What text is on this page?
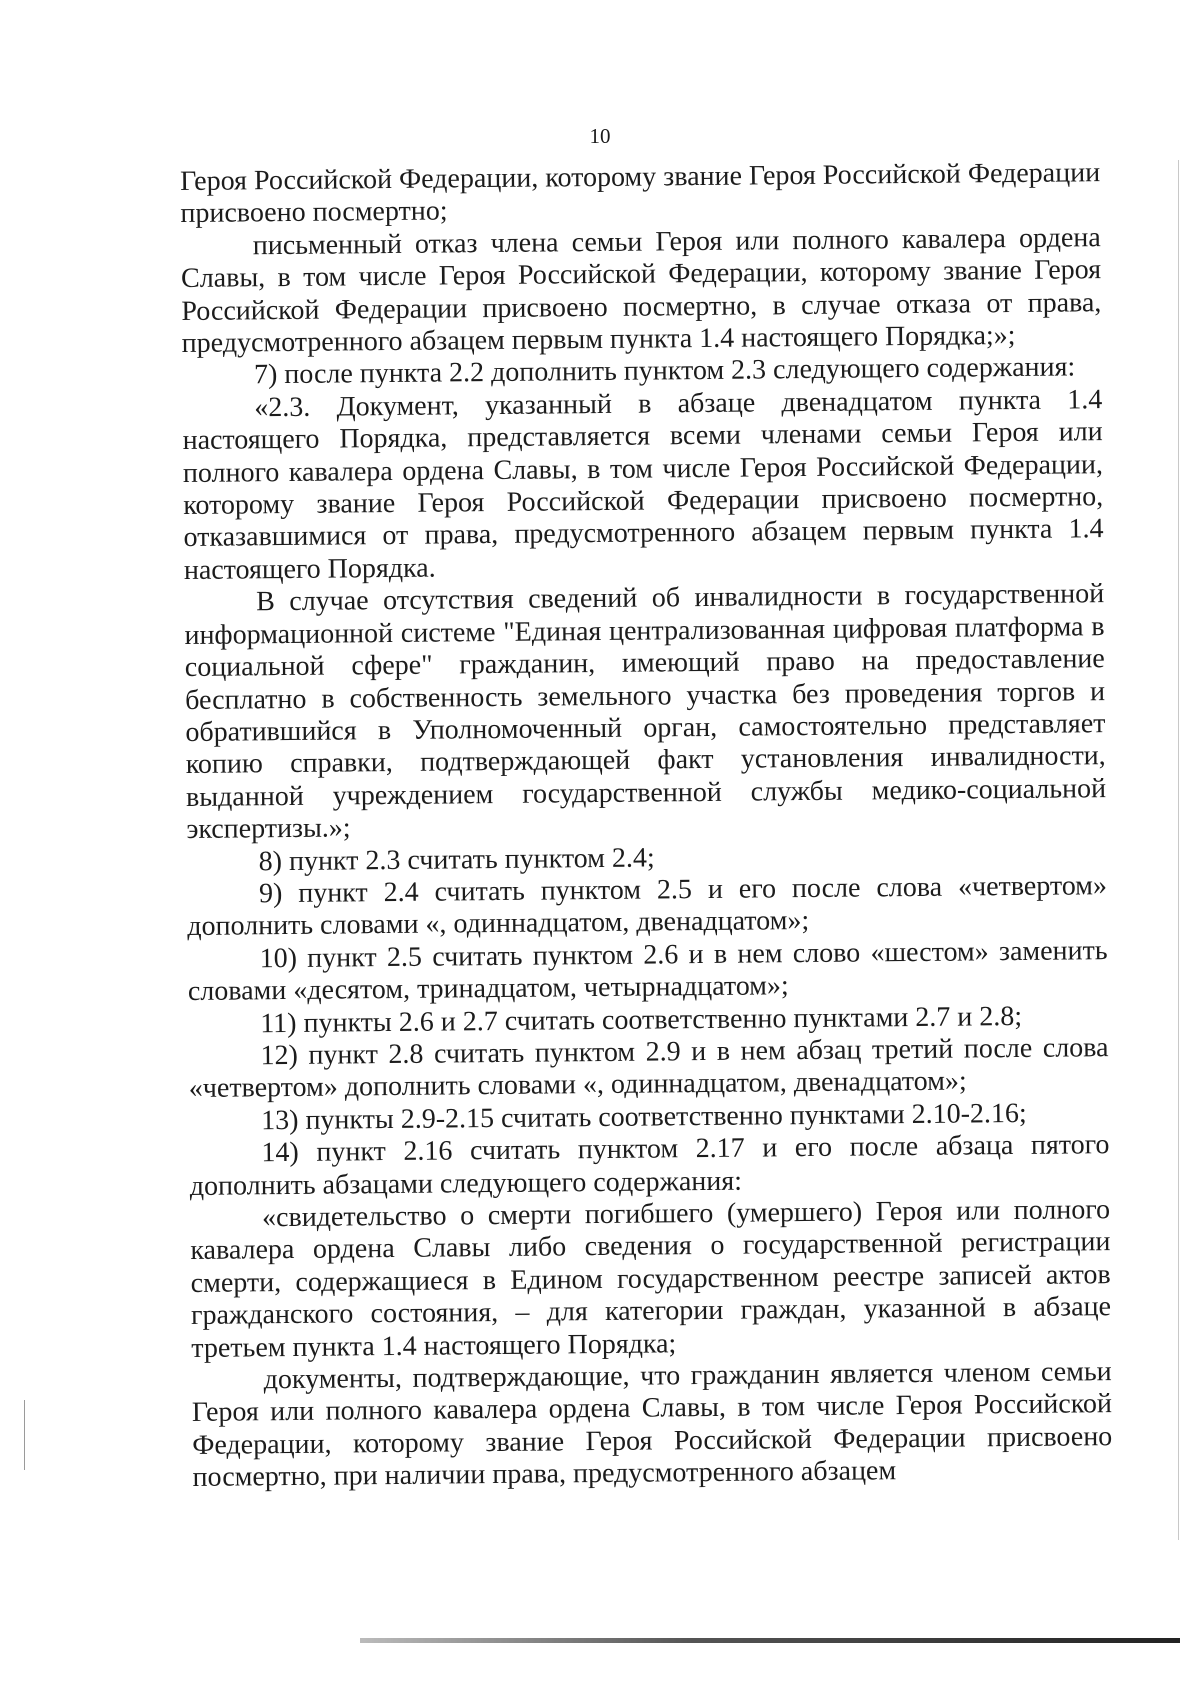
10

Героя Российской Федерации, которому звание Героя Российской Федерации присвоено посмертно;

письменный отказ члена семьи Героя или полного кавалера ордена Славы, в том числе Героя Российской Федерации, которому звание Героя Российской Федерации присвоено посмертно, в случае отказа от права, предусмотренного абзацем первым пункта 1.4 настоящего Порядка;»;

7) после пункта 2.2 дополнить пунктом 2.3 следующего содержания:

«2.3. Документ, указанный в абзаце двенадцатом пункта 1.4 настоящего Порядка, представляется всеми членами семьи Героя или полного кавалера ордена Славы, в том числе Героя Российской Федерации, которому звание Героя Российской Федерации присвоено посмертно, отказавшимися от права, предусмотренного абзацем первым пункта 1.4 настоящего Порядка.

В случае отсутствия сведений об инвалидности в государственной информационной системе "Единая централизованная цифровая платформа в социальной сфере" гражданин, имеющий право на предоставление бесплатно в собственность земельного участка без проведения торгов и обратившийся в Уполномоченный орган, самостоятельно представляет копию справки, подтверждающей факт установления инвалидности, выданной учреждением государственной службы медико-социальной экспертизы.»;

8) пункт 2.3 считать пунктом 2.4;

9) пункт 2.4 считать пунктом 2.5 и его после слова «четвертом» дополнить словами «, одиннадцатом, двенадцатом»;

10) пункт 2.5 считать пунктом 2.6 и в нем слово «шестом» заменить словами «десятом, тринадцатом, четырнадцатом»;

11) пункты 2.6 и 2.7 считать соответственно пунктами 2.7 и 2.8;

12) пункт 2.8 считать пунктом 2.9 и в нем абзац третий после слова «четвертом» дополнить словами «, одиннадцатом, двенадцатом»;

13) пункты 2.9-2.15 считать соответственно пунктами 2.10-2.16;

14) пункт 2.16 считать пунктом 2.17 и его после абзаца пятого дополнить абзацами следующего содержания:

«свидетельство о смерти погибшего (умершего) Героя или полного кавалера ордена Славы либо сведения о государственной регистрации смерти, содержащиеся в Едином государственном реестре записей актов гражданского состояния, – для категории граждан, указанной в абзаце третьем пункта 1.4 настоящего Порядка;

документы, подтверждающие, что гражданин является членом семьи Героя или полного кавалера ордена Славы, в том числе Героя Российской Федерации, которому звание Героя Российской Федерации присвоено посмертно, при наличии права, предусмотренного абзацем
